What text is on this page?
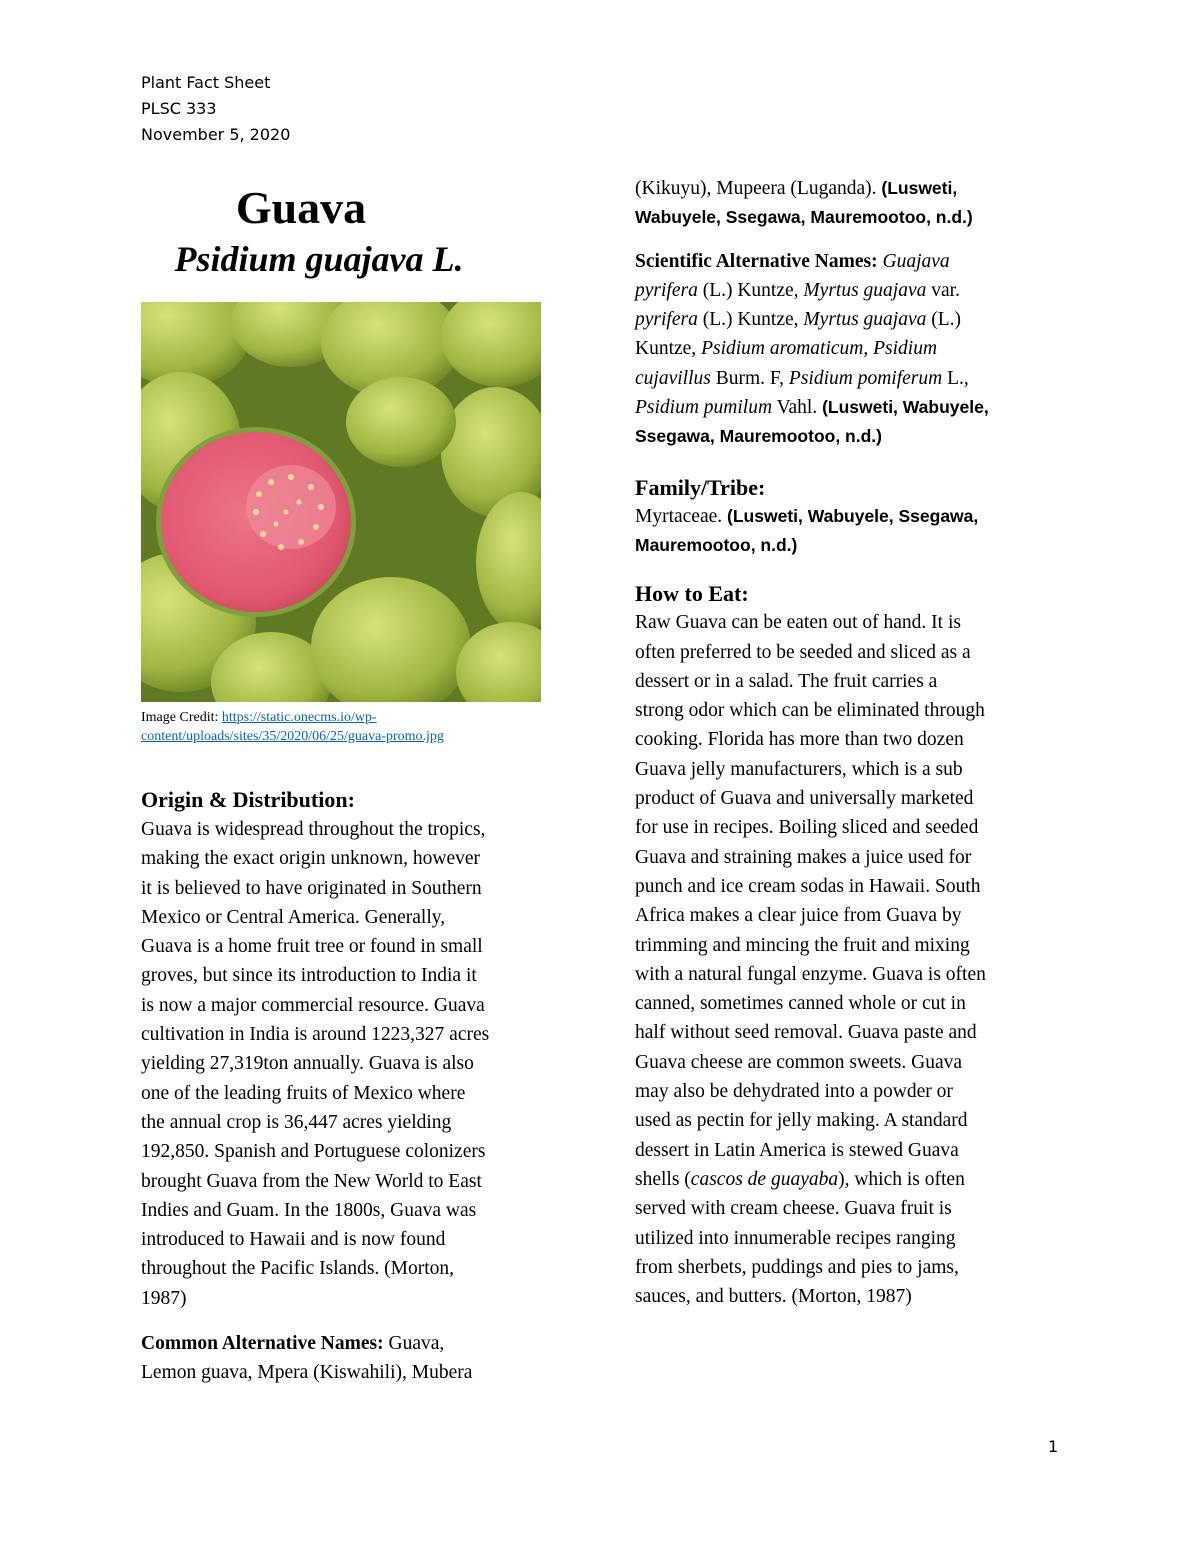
Plant Fact Sheet
PLSC 333
November 5, 2020
Guava
Psidium guajava L.
Image Credit: https://static.onecms.io/wp-
content/uploads/sites/35/2020/06/25/guava-promo.jpg
Origin & Distribution:
Guava is widespread throughout the tropics,
making the exact origin unknown, however
it is believed to have originated in Southern
Mexico or Central America. Generally,
Guava is a home fruit tree or found in small
groves, but since its introduction to India it
is now a major commercial resource. Guava
cultivation in India is around 1223,327 acres
yielding 27,319ton annually. Guava is also
one of the leading fruits of Mexico where
the annual crop is 36,447 acres yielding
192,850. Spanish and Portuguese colonizers
brought Guava from the New World to East
Indies and Guam. In the 1800s, Guava was
introduced to Hawaii and is now found
throughout the Pacific Islands. (Morton,
1987)
Common Alternative Names: Guava,
Lemon guava, Mpera (Kiswahili), Mubera
(Kikuyu), Mupeera (Luganda). (Lusweti,
Wabuyele, Ssegawa, Mauremootoo, n.d.)
Scientific Alternative Names: Guajava
pyrifera (L.) Kuntze, Myrtus guajava var.
pyrifera (L.) Kuntze, Myrtus guajava (L.)
Kuntze, Psidium aromaticum, Psidium
cujavillus Burm. F, Psidium pomiferum L.,
Psidium pumilum Vahl. (Lusweti, Wabuyele,
Ssegawa, Mauremootoo, n.d.)
Family/Tribe:
Myrtaceae. (Lusweti, Wabuyele, Ssegawa,
Mauremootoo, n.d.)
How to Eat:
Raw Guava can be eaten out of hand. It is
often preferred to be seeded and sliced as a
dessert or in a salad. The fruit carries a
strong odor which can be eliminated through
cooking. Florida has more than two dozen
Guava jelly manufacturers, which is a sub
product of Guava and universally marketed
for use in recipes. Boiling sliced and seeded
Guava and straining makes a juice used for
punch and ice cream sodas in Hawaii. South
Africa makes a clear juice from Guava by
trimming and mincing the fruit and mixing
with a natural fungal enzyme. Guava is often
canned, sometimes canned whole or cut in
half without seed removal. Guava paste and
Guava cheese are common sweets. Guava
may also be dehydrated into a powder or
used as pectin for jelly making. A standard
dessert in Latin America is stewed Guava
shells (cascos de guayaba), which is often
served with cream cheese. Guava fruit is
utilized into innumerable recipes ranging
from sherbets, puddings and pies to jams,
sauces, and butters. (Morton, 1987)
1
